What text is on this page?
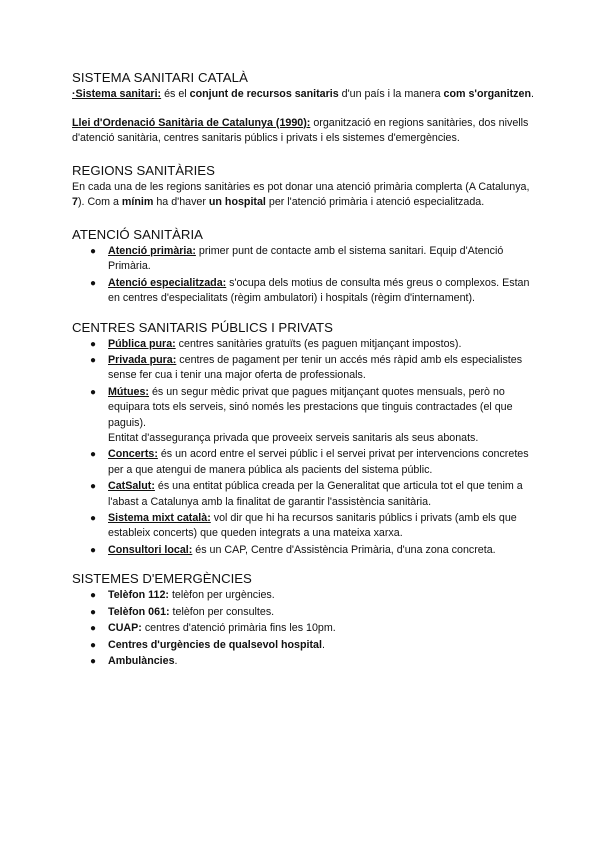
SISTEMA SANITARI CATALÀ

·Sistema sanitari: és el conjunt de recursos sanitaris d'un país i la manera com s'organitzen.

Llei d'Ordenació Sanitària de Catalunya (1990): organització en regions sanitàries, dos nivells d'atenció sanitària, centres sanitaris públics i privats i els sistemes d'emergències.

REGIONS SANITÀRIES

En cada una de les regions sanitàries es pot donar una atenció primària complerta (A Catalunya, 7). Com a mínim ha d'haver un hospital per l'atenció primària i atenció especialitzada.

ATENCIÓ SANITÀRIA
● Atenció primària: primer punt de contacte amb el sistema sanitari. Equip d'Atenció Primària.
● Atenció especialitzada: s'ocupa dels motius de consulta més greus o complexos. Estan en centres d'especialitats (règim ambulatori) i hospitals (règim d'internament).
CENTRES SANITARIS PÚBLICS I PRIVATS
● Pública pura: centres sanitàries gratuïts (es paguen mitjançant impostos).
● Privada pura: centres de pagament per tenir un accés més ràpid amb els especialistes sense fer cua i tenir una major oferta de professionals.
● Mútues: és un segur mèdic privat que pagues mitjançant quotes mensuals, però no equipara tots els serveis, sinó només les prestacions que tinguis contractades (el que paguis).
Entitat d'assegurança privada que proveeix serveis sanitaris als seus abonats.
● Concerts: és un acord entre el servei públic i el servei privat per intervencions concretes per a que atengui de manera pública als pacients del sistema públic.
● CatSalut: és una entitat pública creada per la Generalitat que articula tot el que tenim a l'abast a Catalunya amb la finalitat de garantir l'assistència sanitària.
● Sistema mixt català: vol dir que hi ha recursos sanitaris públics i privats (amb els que estableix concerts) que queden integrats a una mateixa xarxa.
● Consultori local: és un CAP, Centre d'Assistència Primària, d'una zona concreta.
SISTEMES D'EMERGÈNCIES
● Telèfon 112: telèfon per urgències.
● Telèfon 061: telèfon per consultes.
● CUAP: centres d'atenció primària fins les 10pm.
● Centres d'urgències de qualsevol hospital.
● Ambulàncies.
